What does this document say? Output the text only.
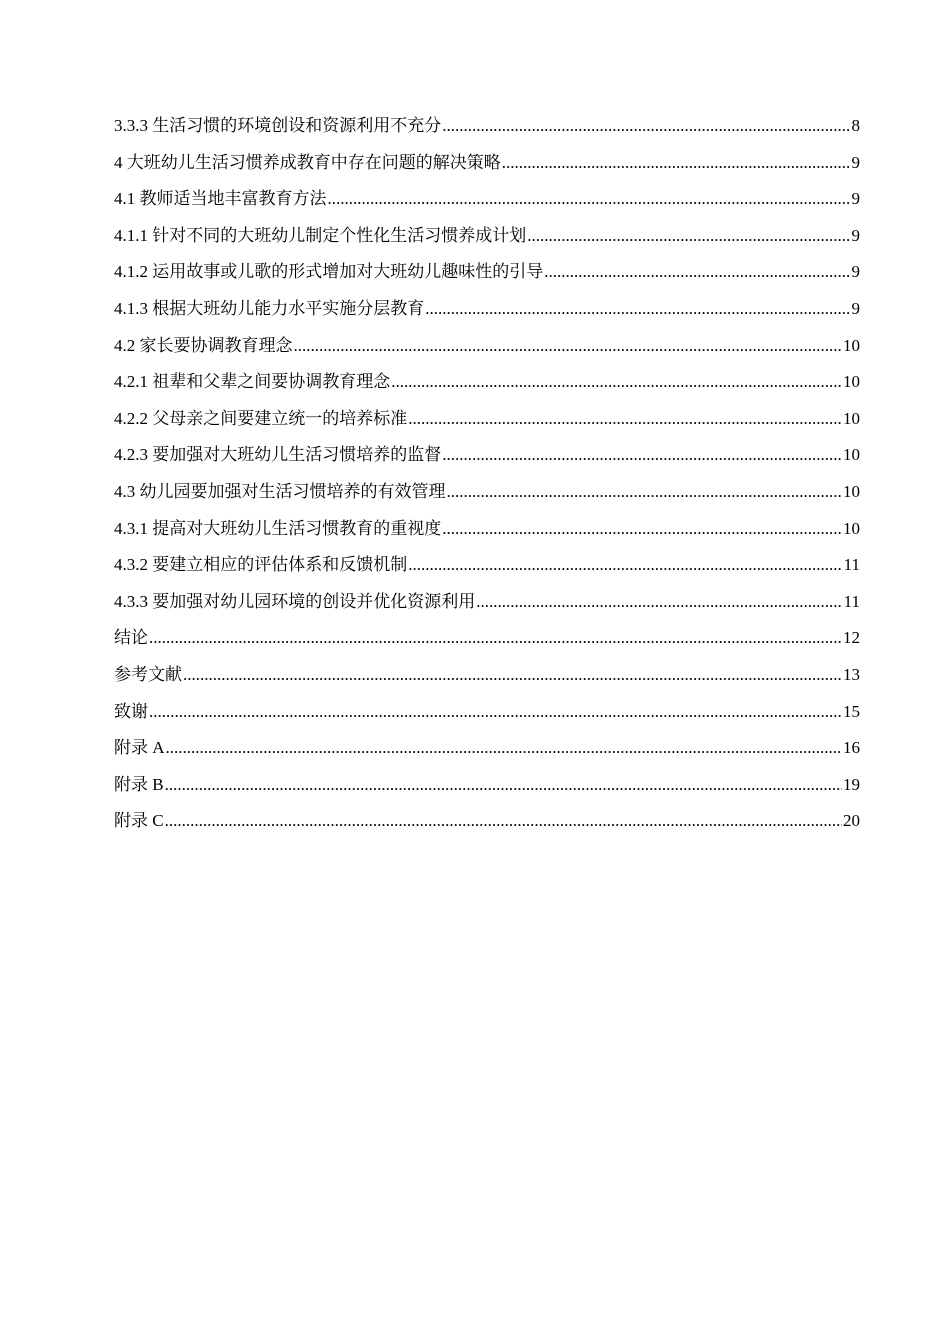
3.3.3 生活习惯的环境创设和资源利用不充分 .....	8
4 大班幼儿生活习惯养成教育中存在问题的解决策略 .....	9
4.1 教师适当地丰富教育方法 .....	9
4.1.1 针对不同的大班幼儿制定个性化生活习惯养成计划 .....	9
4.1.2 运用故事或儿歌的形式增加对大班幼儿趣味性的引导 .....	9
4.1.3 根据大班幼儿能力水平实施分层教育 .....	9
4.2 家长要协调教育理念 .....	10
4.2.1 祖辈和父辈之间要协调教育理念 .....	10
4.2.2 父母亲之间要建立统一的培养标准 .....	10
4.2.3 要加强对大班幼儿生活习惯培养的监督 .....	10
4.3 幼儿园要加强对生活习惯培养的有效管理 .....	10
4.3.1 提高对大班幼儿生活习惯教育的重视度 .....	10
4.3.2 要建立相应的评估体系和反馈机制 .....	11
4.3.3 要加强对幼儿园环境的创设并优化资源利用 .....	11
结论 .....	12
参考文献 .....	13
致谢 .....	15
附录 A .....	16
附录 B .....	19
附录 C .....	20
